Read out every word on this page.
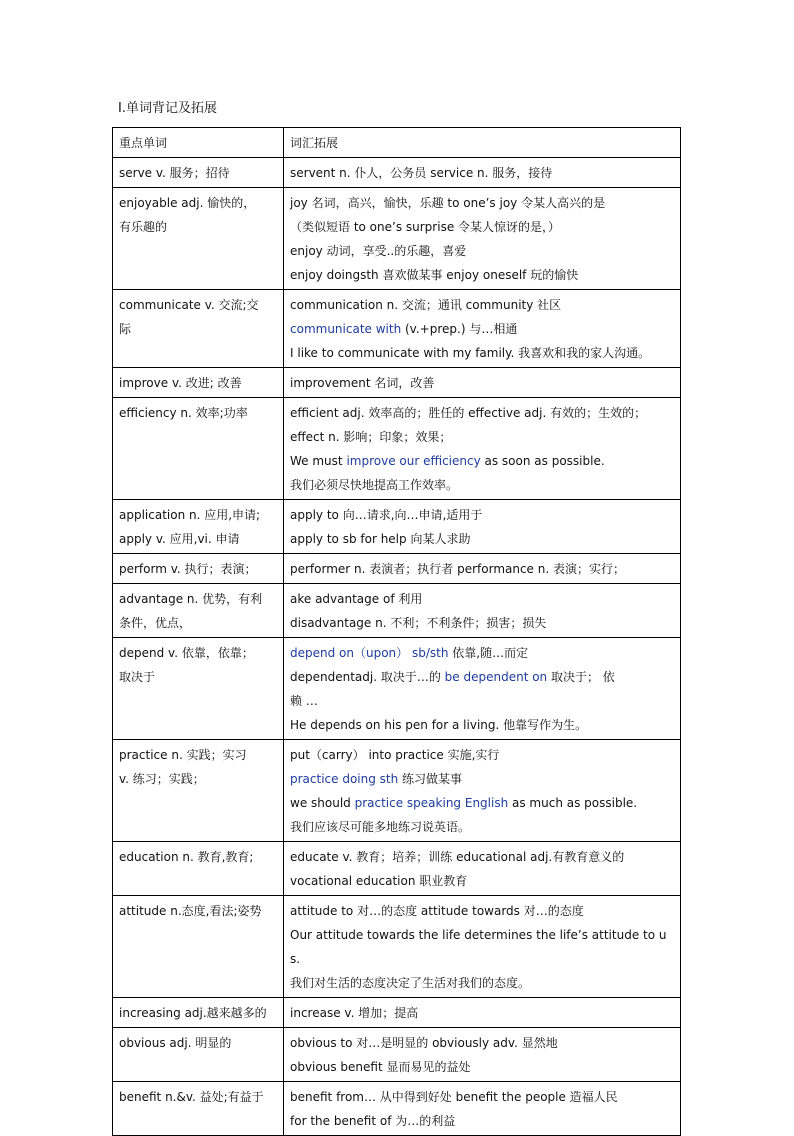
I.单词背记及拓展
重点单词	词汇拓展

serve v. 服务；招待	servent n. 仆人，公务员 service n. 服务，接待

enjoyable adj. 愉快的，
有乐趣的	joy 名词，高兴，愉快，乐趣 to one’s joy 令某人高兴的是
（类似短语 to one’s surprise 令某人惊讶的是，）
enjoy 动词，享受..的乐趣，喜爱
enjoy doingsth 喜欢做某事 enjoy oneself 玩的愉快

communicate v. 交流;交
际	communication n. 交流；通讯 community 社区
communicate with (v.+prep.) 与…相通
I like to communicate with my family. 我喜欢和我的家人沟通。

improve v. 改进; 改善	improvement 名词，改善

efficiency n. 效率;功率	efficient adj. 效率高的；胜任的 effective adj. 有效的；生效的；
effect n. 影响；印象；效果；
We must improve our efficiency as soon as possible.
我们必须尽快地提高工作效率。

application n. 应用,申请;
apply v. 应用,vi. 申请	apply to 向…请求,向…申请,适用于
apply to sb for help 向某人求助

perform v. 执行；表演；	performer n. 表演者；执行者 performance n. 表演；实行；

advantage n. 优势，有利
条件，优点，	ake advantage of 利用
disadvantage n. 不利；不利条件；损害；损失

depend v. 依靠，依靠；
取决于	depend on（upon） sb/sth 依靠,随…而定
dependentadj. 取决于…的 be dependent on 取决于； 依
赖 …
He depends on his pen for a living. 他靠写作为生。

practice n. 实践；实习
v. 练习；实践；	put（carry） into practice 实施,实行
practice doing sth 练习做某事
we should practice speaking English as much as possible.
我们应该尽可能多地练习说英语。

education n. 教育,教育;	educate v. 教育；培养；训练 educational adj.有教育意义的
vocational education 职业教育

attitude n.态度,看法;姿势	attitude to 对…的态度 attitude towards 对…的态度
Our attitude towards the life determines the life’s attitude to us.
我们对生活的态度决定了生活对我们的态度。

increasing adj.越来越多的	increase v. 增加；提高

obvious adj. 明显的	obvious to 对…是明显的 obviously adv. 显然地
obvious benefit 显而易见的益处

benefit n.&v. 益处;有益于	benefit from… 从中得到好处 benefit the people 造福人民
for the benefit of 为…的利益
